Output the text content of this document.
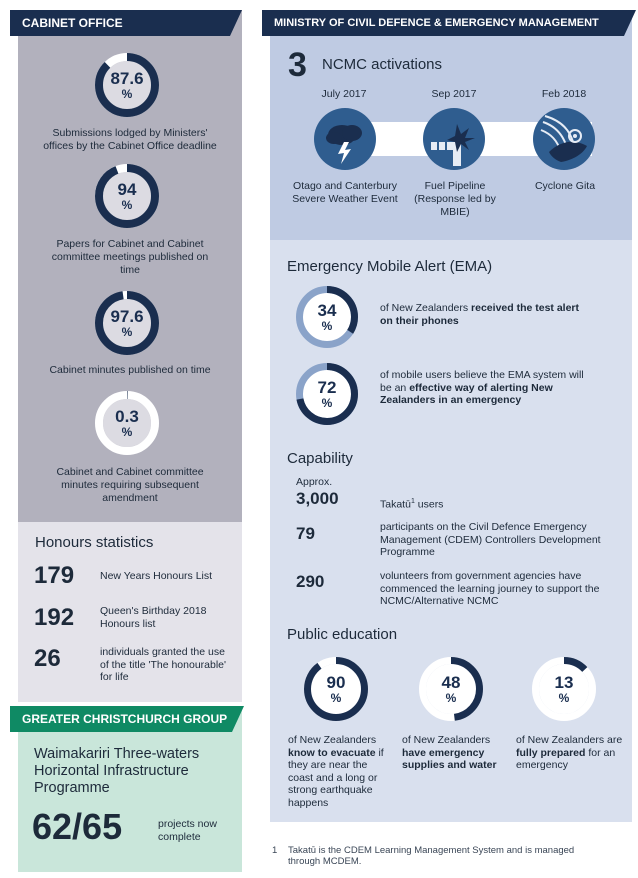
CABINET OFFICE
87.6
%
Submissions lodged by Ministers' offices by the Cabinet Office deadline
94
%
Papers for Cabinet and Cabinet committee meetings published on time
97.6
%
Cabinet minutes published on time
0.3
%
Cabinet and Cabinet committee minutes requiring subsequent amendment
Honours statistics
179 New Years Honours List
192 Queen's Birthday 2018 Honours list
26	individuals granted the use of the title 'The honourable' for life
GREATER CHRISTCHURCH GROUP
Waimakariri Three-waters Horizontal Infrastructure Programme
62/65	projects now complete
MINISTRY OF CIVIL DEFENCE & EMERGENCY MANAGEMENT
3 NCMC activations
July 2017	Sep 2017	Feb 2018
Otago and Canterbury Severe Weather Event
Fuel Pipeline (Response led by MBIE)
Cyclone Gita
Emergency Mobile Alert (EMA)
34
%
of New Zealanders received the test alert on their phones
72
%
of mobile users believe the EMA system will be an effective way of alerting New Zealanders in an emergency
Capability
Approx.
3,000	Takatū$^1$ users
79	participants on the Civil Defence Emergency Management (CDEM) Controllers Development Programme
290	volunteers from government agencies have commenced the learning journey to support the NCMC/Alternative NCMC
Public education
90
%
of New Zealanders know to evacuate if they are near the coast and a long or strong earthquake happens
48
%
of New Zealanders have emergency supplies and water
13
%
of New Zealanders are fully prepared for an emergency
1 Takatū is the CDEM Learning Management System and is managed through MCDEM.
